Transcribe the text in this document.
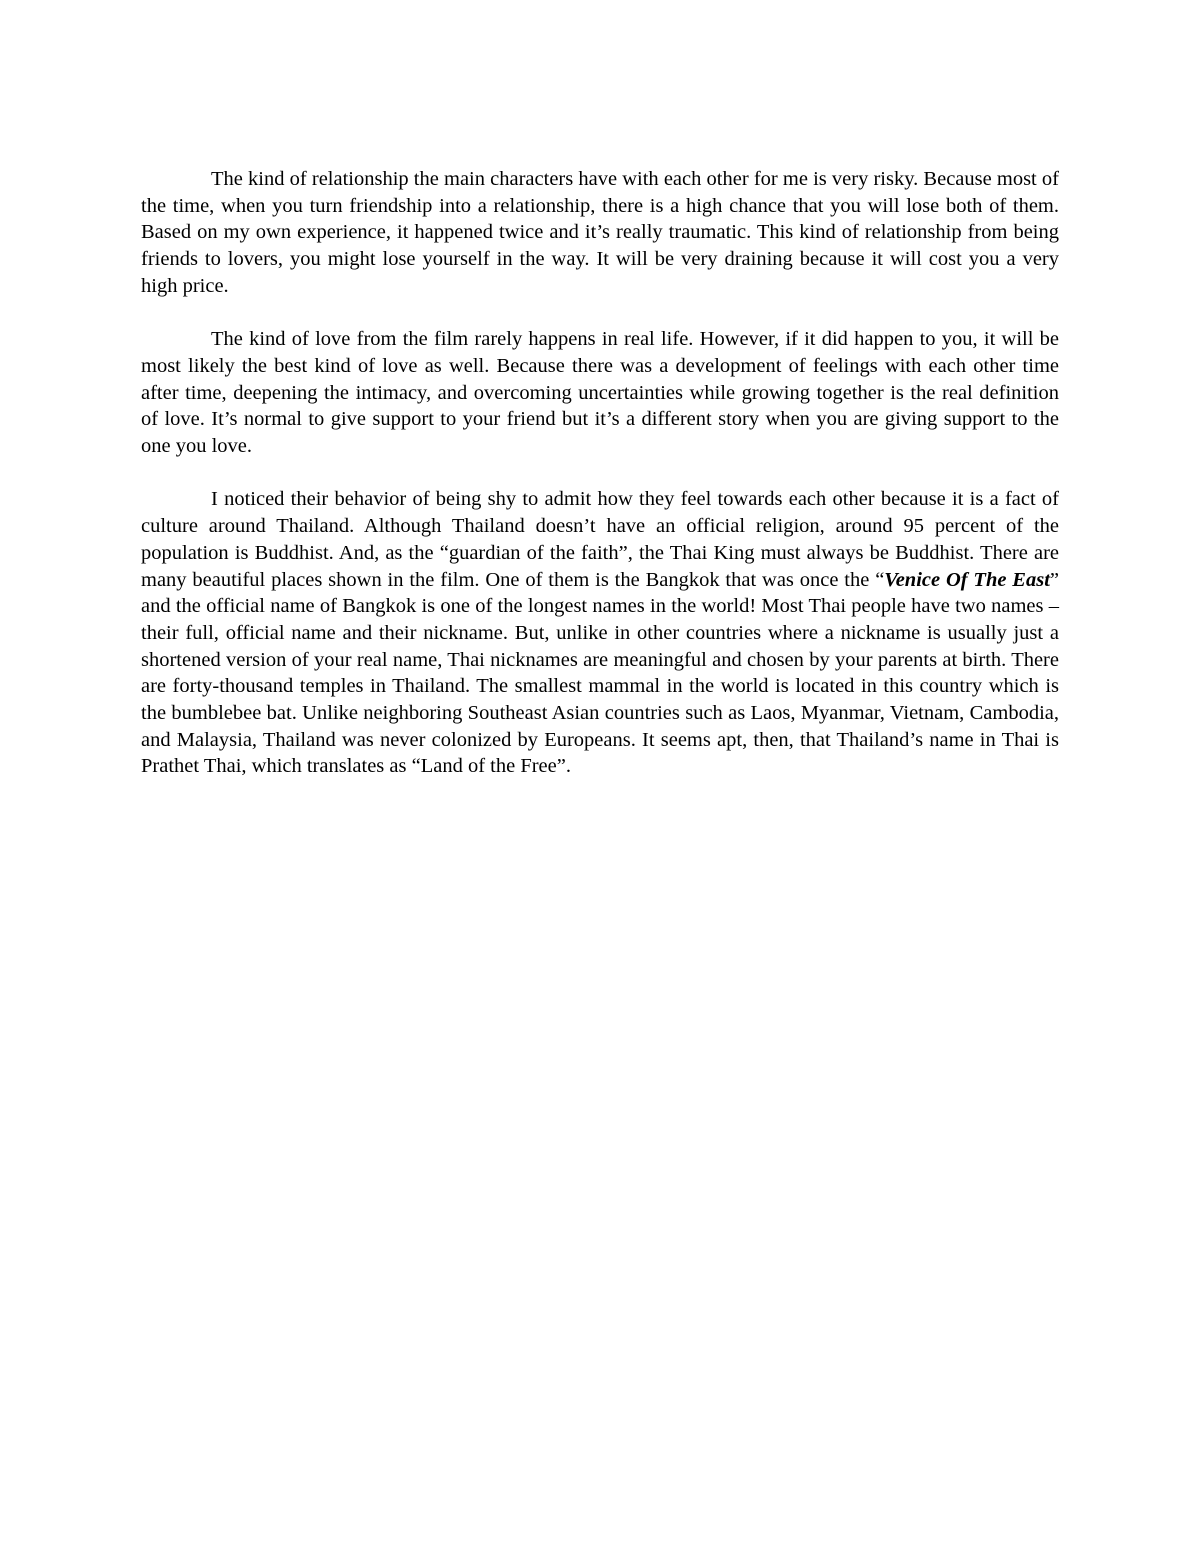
The kind of relationship the main characters have with each other for me is very risky. Because most of the time, when you turn friendship into a relationship, there is a high chance that you will lose both of them. Based on my own experience, it happened twice and it’s really traumatic. This kind of relationship from being friends to lovers, you might lose yourself in the way. It will be very draining because it will cost you a very high price.

The kind of love from the film rarely happens in real life. However, if it did happen to you, it will be most likely the best kind of love as well. Because there was a development of feelings with each other time after time, deepening the intimacy, and overcoming uncertainties while growing together is the real definition of love. It’s normal to give support to your friend but it’s a different story when you are giving support to the one you love.

I noticed their behavior of being shy to admit how they feel towards each other because it is a fact of culture around Thailand. Although Thailand doesn’t have an official religion, around 95 percent of the population is Buddhist. And, as the “guardian of the faith”, the Thai King must always be Buddhist. There are many beautiful places shown in the film. One of them is the Bangkok that was once the “Venice Of The East” and the official name of Bangkok is one of the longest names in the world! Most Thai people have two names – their full, official name and their nickname. But, unlike in other countries where a nickname is usually just a shortened version of your real name, Thai nicknames are meaningful and chosen by your parents at birth. There are forty-thousand temples in Thailand. The smallest mammal in the world is located in this country which is the bumblebee bat. Unlike neighboring Southeast Asian countries such as Laos, Myanmar, Vietnam, Cambodia, and Malaysia, Thailand was never colonized by Europeans. It seems apt, then, that Thailand’s name in Thai is Prathet Thai, which translates as “Land of the Free”.
